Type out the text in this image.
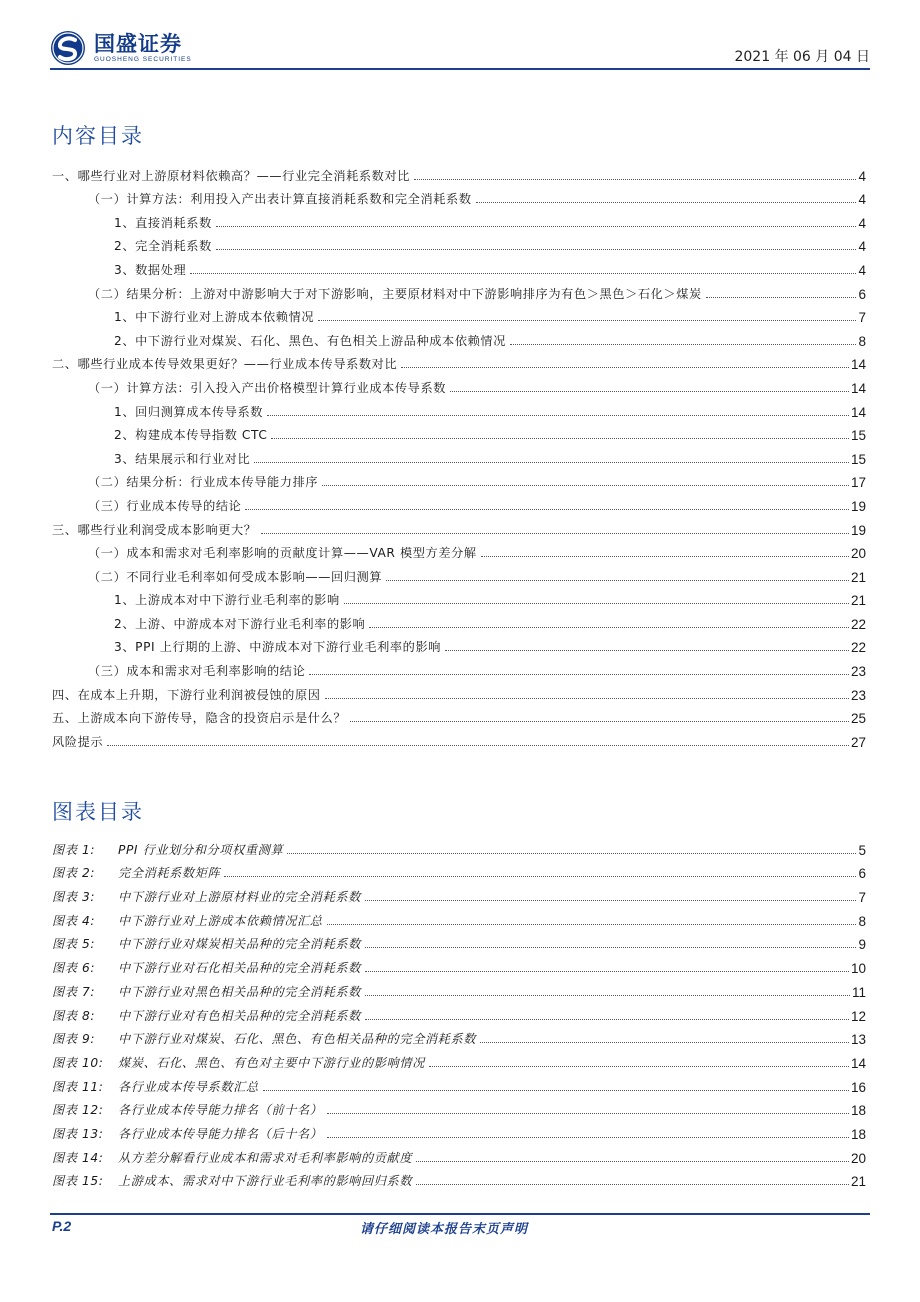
国盛证券
GUOSHENG SECURITIES	2021 年 06 月 04 日
内容目录
一、哪些行业对上游原材料依赖高？——行业完全消耗系数对比	4
（一）计算方法：利用投入产出表计算直接消耗系数和完全消耗系数	4
1、直接消耗系数	4
2、完全消耗系数	4
3、数据处理	4
（二）结果分析：上游对中游影响大于对下游影响，主要原材料对中下游影响排序为有色＞黑色＞石化＞煤炭	6
1、中下游行业对上游成本依赖情况	7
2、中下游行业对煤炭、石化、黑色、有色相关上游品种成本依赖情况	8
二、哪些行业成本传导效果更好？——行业成本传导系数对比	14
（一）计算方法：引入投入产出价格模型计算行业成本传导系数	14
1、回归测算成本传导系数	14
2、构建成本传导指数 CTC	15
3、结果展示和行业对比	15
（二）结果分析：行业成本传导能力排序	17
（三）行业成本传导的结论	19
三、哪些行业利润受成本影响更大？	19
（一）成本和需求对毛利率影响的贡献度计算——VAR 模型方差分解	20
（二）不同行业毛利率如何受成本影响——回归测算	21
1、上游成本对中下游行业毛利率的影响	21
2、上游、中游成本对下游行业毛利率的影响	22
3、PPI 上行期的上游、中游成本对下游行业毛利率的影响	22
（三）成本和需求对毛利率影响的结论	23
四、在成本上升期，下游行业利润被侵蚀的原因	23
五、上游成本向下游传导，隐含的投资启示是什么？	25
风险提示	27
图表目录
图表 1:	PPI 行业划分和分项权重测算	5
图表 2:	完全消耗系数矩阵	6
图表 3:	中下游行业对上游原材料业的完全消耗系数	7
图表 4:	中下游行业对上游成本依赖情况汇总	8
图表 5:	中下游行业对煤炭相关品种的完全消耗系数	9
图表 6:	中下游行业对石化相关品种的完全消耗系数	10
图表 7:	中下游行业对黑色相关品种的完全消耗系数	11
图表 8:	中下游行业对有色相关品种的完全消耗系数	12
图表 9:	中下游行业对煤炭、石化、黑色、有色相关品种的完全消耗系数	13
图表 10:	煤炭、石化、黑色、有色对主要中下游行业的影响情况	14
图表 11:	各行业成本传导系数汇总	16
图表 12:	各行业成本传导能力排名（前十名）	18
图表 13:	各行业成本传导能力排名（后十名）	18
图表 14:	从方差分解看行业成本和需求对毛利率影响的贡献度	20
图表 15:	上游成本、需求对中下游行业毛利率的影响回归系数	21
P.2	请仔细阅读本报告末页声明
